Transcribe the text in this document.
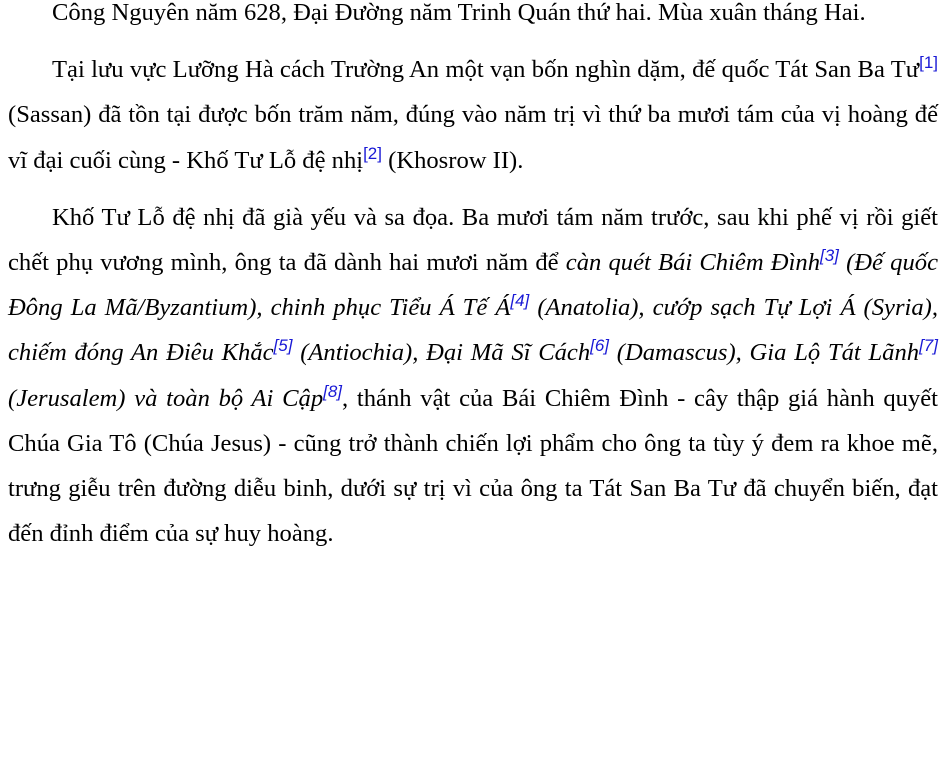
Công Nguyên năm 628, Đại Đường năm Trinh Quán thứ hai. Mùa xuân tháng Hai.

Tại lưu vực Lưỡng Hà cách Trường An một vạn bốn nghìn dặm, đế quốc Tát San Ba Tư[1] (Sassan) đã tồn tại được bốn trăm năm, đúng vào năm trị vì thứ ba mươi tám của vị hoàng đế vĩ đại cuối cùng - Khố Tư Lỗ đệ nhị[2] (Khosrow II).

Khố Tư Lỗ đệ nhị đã già yếu và sa đọa. Ba mươi tám năm trước, sau khi phế vị rồi giết chết phụ vương mình, ông ta đã dành hai mươi năm để càn quét Bái Chiêm Đình[3] (Đế quốc Đông La Mã/Byzantium), chinh phục Tiểu Á Tế Á[4] (Anatolia), cướp sạch Tự Lợi Á (Syria), chiếm đóng An Điêu Khắc[5] (Antiochia), Đại Mã Sĩ Cách[6] (Damascus), Gia Lộ Tát Lãnh[7] (Jerusalem) và toàn bộ Ai Cập[8], thánh vật của Bái Chiêm Đình - cây thập giá hành quyết Chúa Gia Tô (Chúa Jesus) - cũng trở thành chiến lợi phẩm cho ông ta tùy ý đem ra khoe mẽ, trưng giễu trên đường diễu binh, dưới sự trị vì của ông ta Tát San Ba Tư đã chuyển biến, đạt đến đỉnh điểm của sự huy hoàng.
